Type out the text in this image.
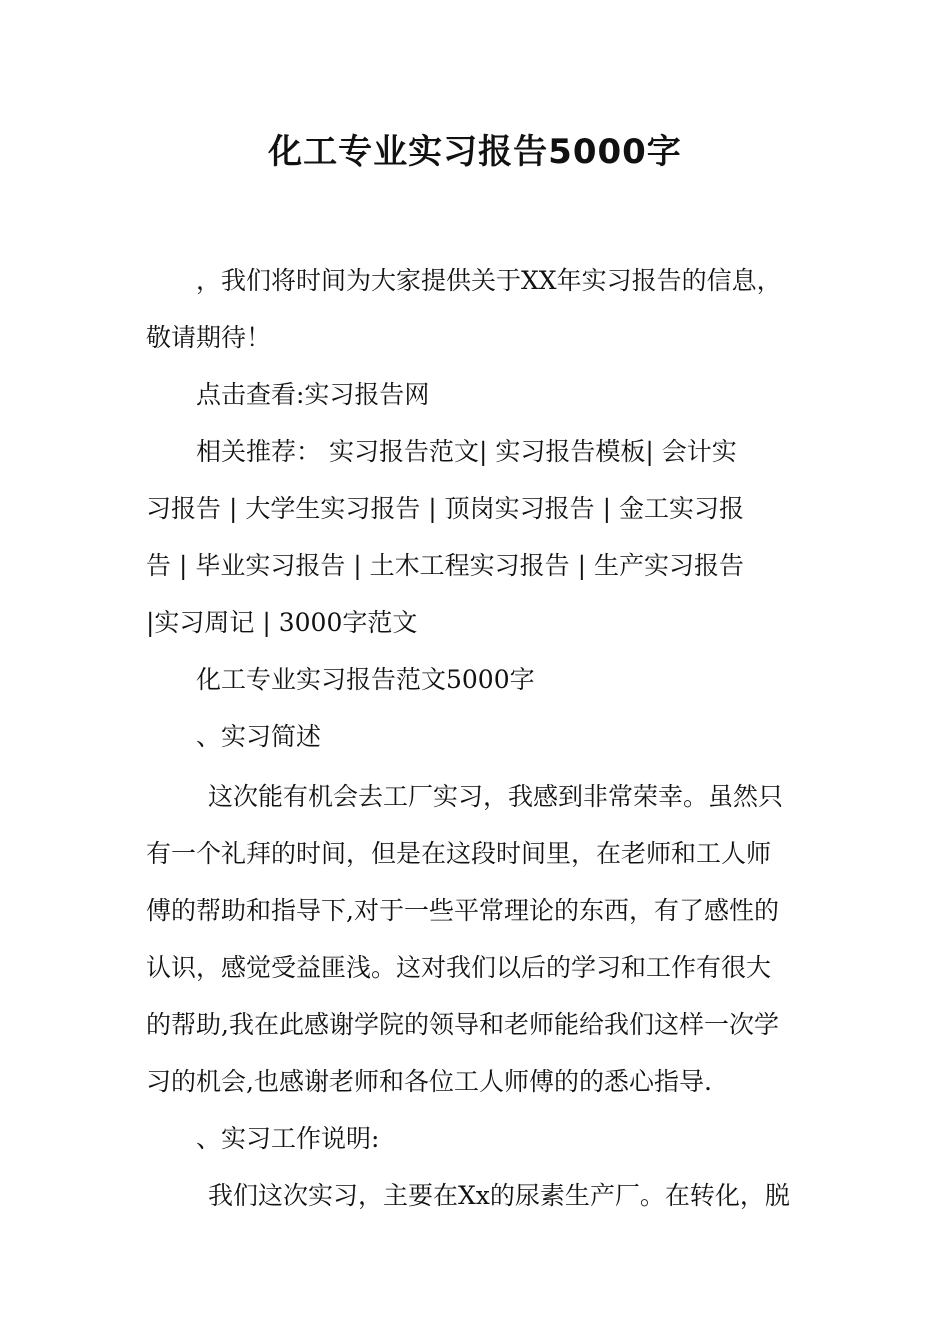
化工专业实习报告5000字
，我们将时间为大家提供关于XX年实习报告的信息，
敬请期待！
点击查看:实习报告网
相关推荐： 实习报告范文| 实习报告模板| 会计实
习报告 | 大学生实习报告 | 顶岗实习报告 | 金工实习报
告 | 毕业实习报告 | 土木工程实习报告 | 生产实习报告
|实习周记 | 3000字范文
化工专业实习报告范文5000字
、实习简述
这次能有机会去工厂实习，我感到非常荣幸。虽然只
有一个礼拜的时间，但是在这段时间里，在老师和工人师
傅的帮助和指导下,对于一些平常理论的东西，有了感性的
认识，感觉受益匪浅。这对我们以后的学习和工作有很大
的帮助,我在此感谢学院的领导和老师能给我们这样一次学
习的机会,也感谢老师和各位工人师傅的的悉心指导.
、实习工作说明:
我们这次实习，主要在Xx的尿素生产厂。在转化，脱
